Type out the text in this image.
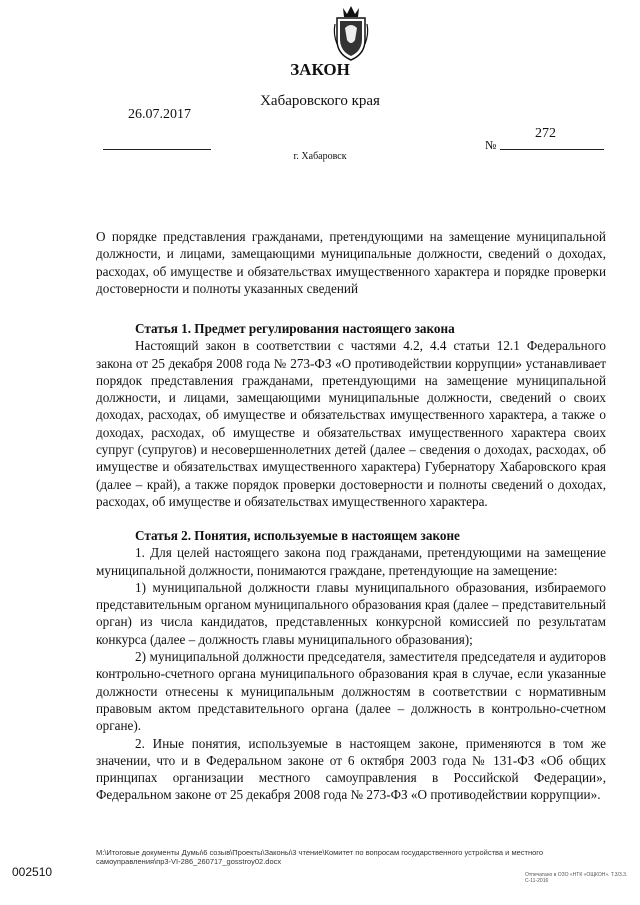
ЗАКОН
Хабаровского края
26.07.2017
272
№
г. Хабаровск

О порядке представления гражданами, претендующими на замещение муниципальной должности, и лицами, замещающими муниципальные должности, сведений о доходах, расходах, об имуществе и обязательствах имущественного характера и порядке проверки достоверности и полноты указанных сведений

Статья 1. Предмет регулирования настоящего закона

Настоящий закон в соответствии с частями 4.2, 4.4 статьи 12.1 Федерального закона от 25 декабря 2008 года № 273-ФЗ «О противодействии коррупции» устанавливает порядок представления гражданами, претендующими на замещение муниципальной должности, и лицами, замещающими муниципальные должности, сведений о своих доходах, расходах, об имуществе и обязательствах имущественного характера, а также о доходах, расходах, об имуществе и обязательствах имущественного характера своих супруг (супругов) и несовершеннолетних детей (далее – сведения о доходах, расходах, об имуществе и обязательствах имущественного характера) Губернатору Хабаровского края (далее – край), а также порядок проверки достоверности и полноты сведений о доходах, расходах, об имуществе и обязательствах имущественного характера.

Статья 2. Понятия, используемые в настоящем законе

1. Для целей настоящего закона под гражданами, претендующими на замещение муниципальной должности, понимаются граждане, претендующие на замещение:

1) муниципальной должности главы муниципального образования, избираемого представительным органом муниципального образования края (далее – представительный орган) из числа кандидатов, представленных конкурсной комиссией по результатам конкурса (далее – должность главы муниципального образования);

2) муниципальной должности председателя, заместителя председателя и аудиторов контрольно-счетного органа муниципального образования края в случае, если указанные должности отнесены к муниципальным должностям в соответствии с нормативным правовым актом представительного органа (далее – должность в контрольно-счетном органе).

2. Иные понятия, используемые в настоящем законе, применяются в том же значении, что и в Федеральном законе от 6 октября 2003 года № 131-ФЗ «Об общих принципах организации местного самоуправления в Российской Федерации», Федеральном законе от 25 декабря 2008 года № 273-ФЗ «О противодействии коррупции».

M:\Итоговые документы Думы\6 созыв\Проекты\Законы\3 чтение\Комитет по вопросам государственного устройства и местного самоуправления\пр3-VI-286_260717_gosstroy02.docx
002510	Отпечатано в ОЗО «НТК «ОЩКОН». Т.3/3.3. С-11-2016
